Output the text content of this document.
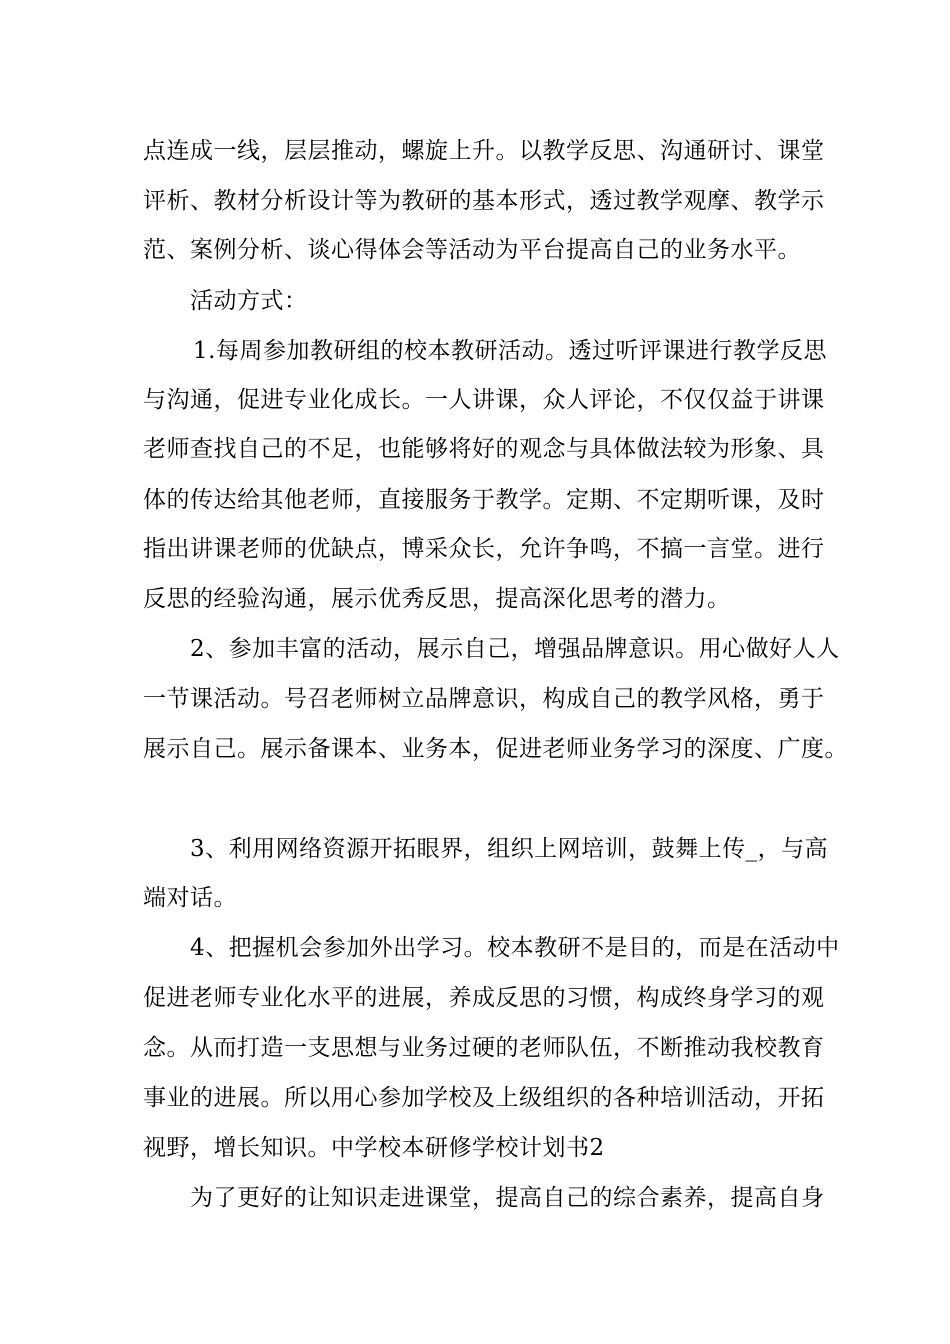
点连成一线，层层推动，螺旋上升。以教学反思、沟通研讨、课堂
评析、教材分析设计等为教研的基本形式，透过教学观摩、教学示
范、案例分析、谈心得体会等活动为平台提高自己的业务水平。
活动方式：
1.每周参加教研组的校本教研活动。透过听评课进行教学反思
与沟通，促进专业化成长。一人讲课，众人评论，不仅仅益于讲课
老师查找自己的不足，也能够将好的观念与具体做法较为形象、具
体的传达给其他老师，直接服务于教学。定期、不定期听课，及时
指出讲课老师的优缺点，博采众长，允许争鸣，不搞一言堂。进行
反思的经验沟通，展示优秀反思，提高深化思考的潜力。
2、参加丰富的活动，展示自己，增强品牌意识。用心做好人人
一节课活动。号召老师树立品牌意识，构成自己的教学风格，勇于
展示自己。展示备课本、业务本，促进老师业务学习的深度、广度。
3、利用网络资源开拓眼界，组织上网培训，鼓舞上传_，与高
端对话。
4、把握机会参加外出学习。校本教研不是目的，而是在活动中
促进老师专业化水平的进展，养成反思的习惯，构成终身学习的观
念。从而打造一支思想与业务过硬的老师队伍，不断推动我校教育
事业的进展。所以用心参加学校及上级组织的各种培训活动，开拓
视野，增长知识。中学校本研修学校计划书2
为了更好的让知识走进课堂，提高自己的综合素养，提高自身
